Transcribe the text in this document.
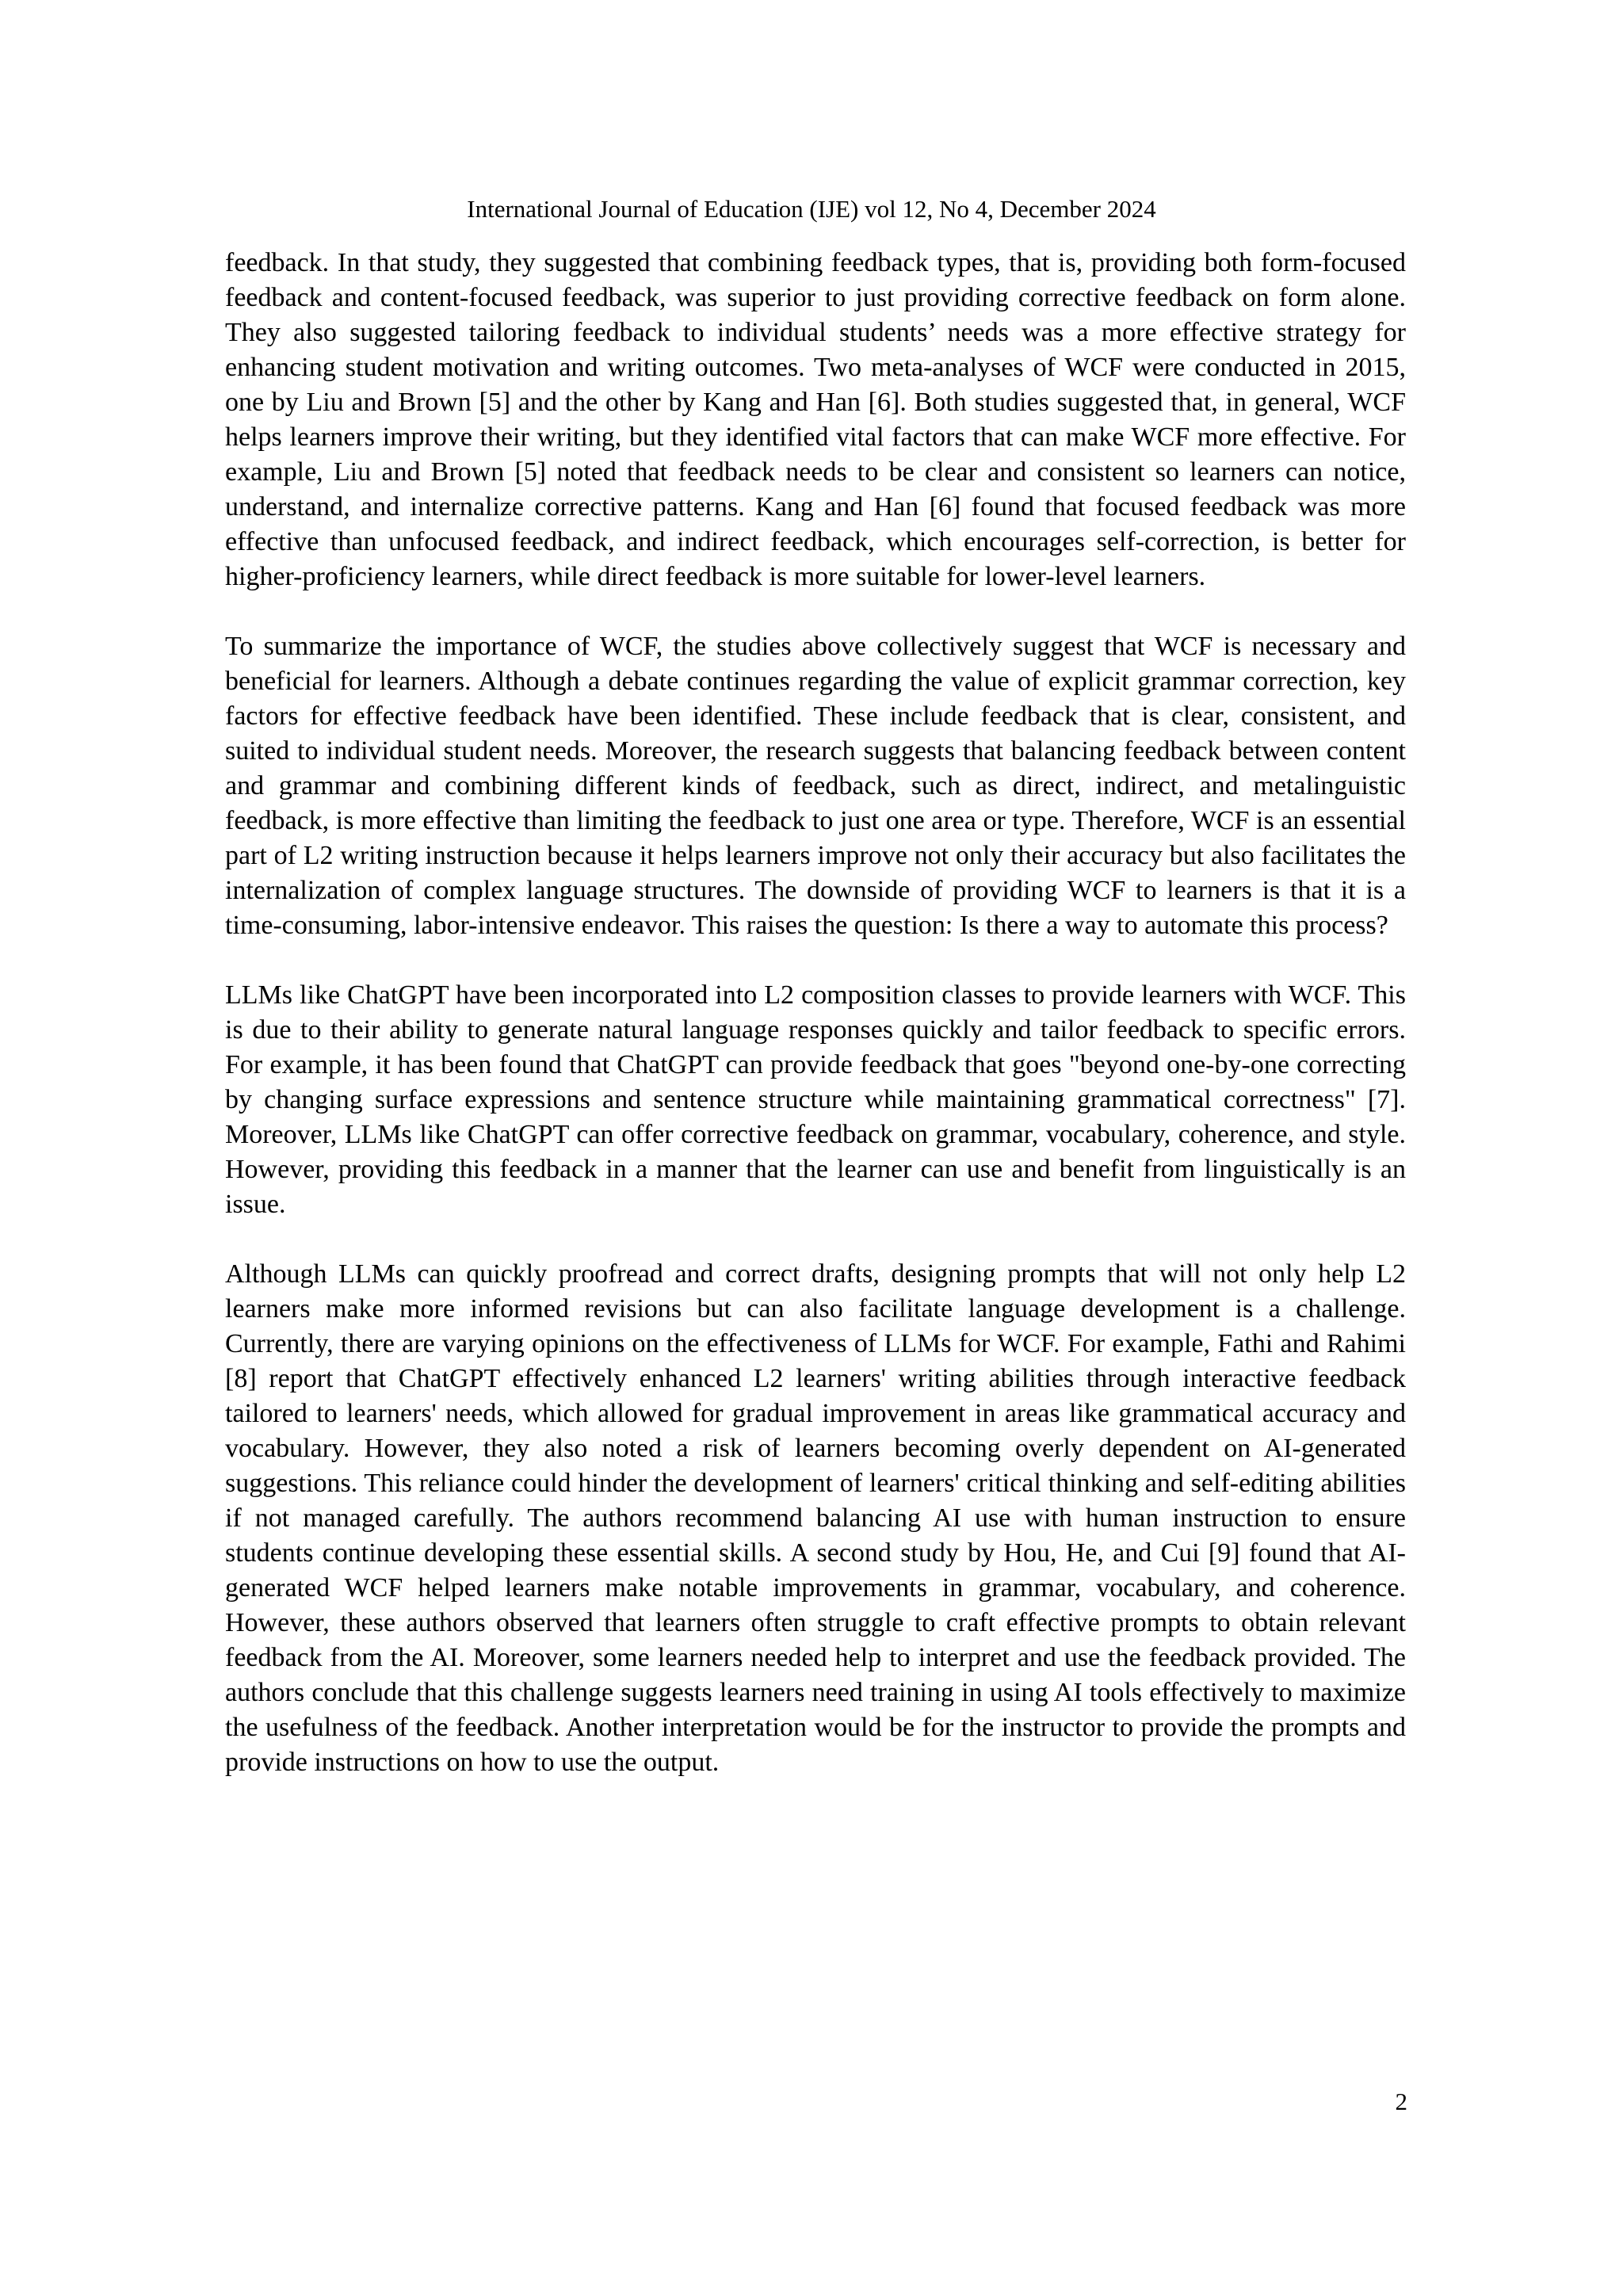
International Journal of Education (IJE) vol 12, No 4, December 2024

feedback. In that study, they suggested that combining feedback types, that is, providing both form-focused feedback and content-focused feedback, was superior to just providing corrective feedback on form alone. They also suggested tailoring feedback to individual students’ needs was a more effective strategy for enhancing student motivation and writing outcomes. Two meta-analyses of WCF were conducted in 2015, one by Liu and Brown [5] and the other by Kang and Han [6]. Both studies suggested that, in general, WCF helps learners improve their writing, but they identified vital factors that can make WCF more effective. For example, Liu and Brown [5] noted that feedback needs to be clear and consistent so learners can notice, understand, and internalize corrective patterns. Kang and Han [6] found that focused feedback was more effective than unfocused feedback, and indirect feedback, which encourages self-correction, is better for higher-proficiency learners, while direct feedback is more suitable for lower-level learners.

To summarize the importance of WCF, the studies above collectively suggest that WCF is necessary and beneficial for learners. Although a debate continues regarding the value of explicit grammar correction, key factors for effective feedback have been identified. These include feedback that is clear, consistent, and suited to individual student needs. Moreover, the research suggests that balancing feedback between content and grammar and combining different kinds of feedback, such as direct, indirect, and metalinguistic feedback, is more effective than limiting the feedback to just one area or type. Therefore, WCF is an essential part of L2 writing instruction because it helps learners improve not only their accuracy but also facilitates the internalization of complex language structures. The downside of providing WCF to learners is that it is a time-consuming, labor-intensive endeavor. This raises the question: Is there a way to automate this process?

LLMs like ChatGPT have been incorporated into L2 composition classes to provide learners with WCF. This is due to their ability to generate natural language responses quickly and tailor feedback to specific errors. For example, it has been found that ChatGPT can provide feedback that goes "beyond one-by-one correcting by changing surface expressions and sentence structure while maintaining grammatical correctness" [7]. Moreover, LLMs like ChatGPT can offer corrective feedback on grammar, vocabulary, coherence, and style. However, providing this feedback in a manner that the learner can use and benefit from linguistically is an issue.

Although LLMs can quickly proofread and correct drafts, designing prompts that will not only help L2 learners make more informed revisions but can also facilitate language development is a challenge. Currently, there are varying opinions on the effectiveness of LLMs for WCF. For example, Fathi and Rahimi [8] report that ChatGPT effectively enhanced L2 learners' writing abilities through interactive feedback tailored to learners' needs, which allowed for gradual improvement in areas like grammatical accuracy and vocabulary. However, they also noted a risk of learners becoming overly dependent on AI-generated suggestions. This reliance could hinder the development of learners' critical thinking and self-editing abilities if not managed carefully. The authors recommend balancing AI use with human instruction to ensure students continue developing these essential skills. A second study by Hou, He, and Cui [9] found that AI-generated WCF helped learners make notable improvements in grammar, vocabulary, and coherence. However, these authors observed that learners often struggle to craft effective prompts to obtain relevant feedback from the AI. Moreover, some learners needed help to interpret and use the feedback provided. The authors conclude that this challenge suggests learners need training in using AI tools effectively to maximize the usefulness of the feedback. Another interpretation would be for the instructor to provide the prompts and provide instructions on how to use the output.

2
